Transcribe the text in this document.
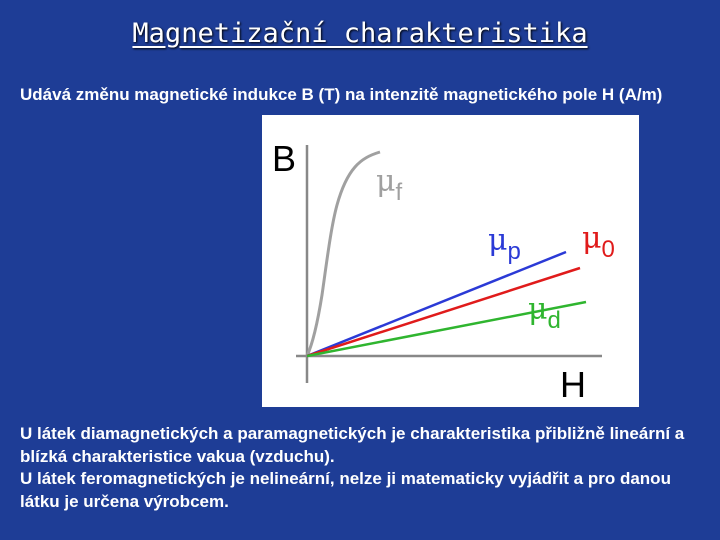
Magnetizační charakteristika
Udává změnu magnetické indukce B (T) na intenzitě magnetického pole H (A/m)
B
H
$\mu_f$
$\mu_p$ $\mu_0$
$\mu_d$

U látek diamagnetických a paramagnetických je charakteristika přibližně lineární a blízká charakteristice vakua (vzduchu).

U látek feromagnetických je nelineární, nelze ji matematicky vyjádřit a pro danou látku je určena výrobcem.
